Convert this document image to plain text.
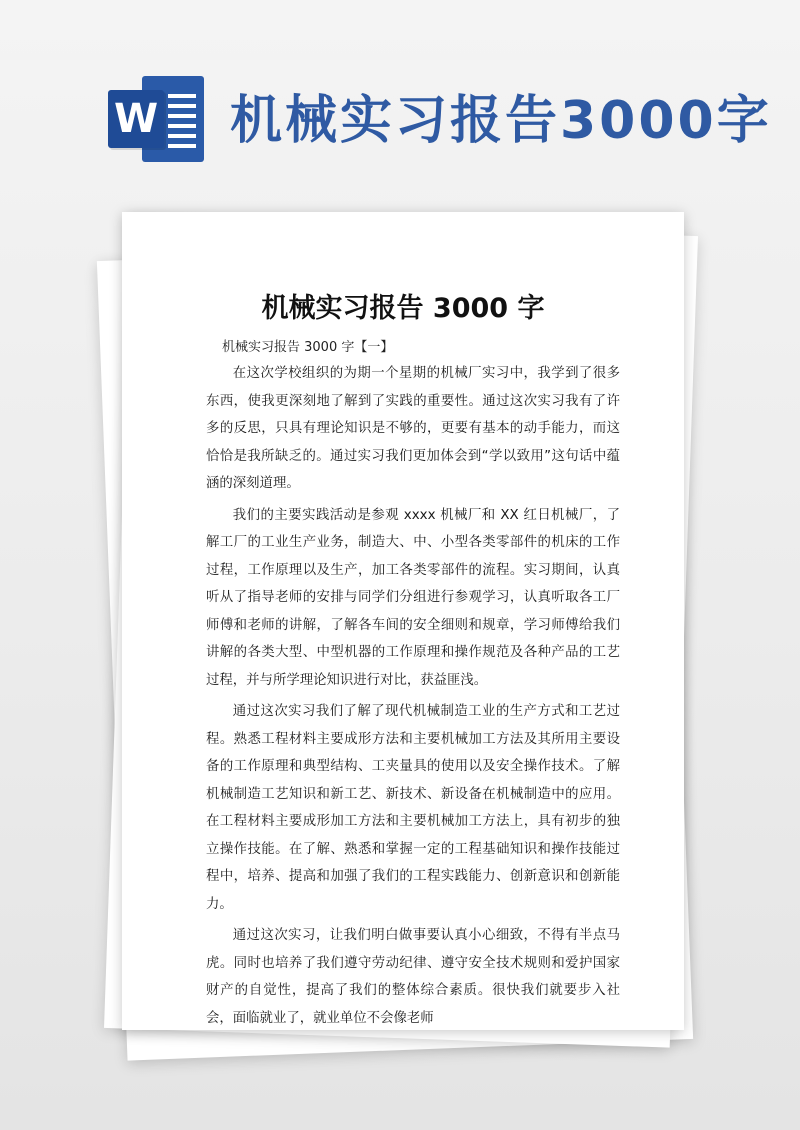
W 机械实习报告3000字
机械实习报告 3000 字
机械实习报告 3000 字【一】

在这次学校组织的为期一个星期的机械厂实习中，我学到了很多东西，使我更深刻地了解到了实践的重要性。通过这次实习我有了许多的反思，只具有理论知识是不够的，更要有基本的动手能力，而这恰恰是我所缺乏的。通过实习我们更加体会到“学以致用”这句话中蕴涵的深刻道理。

我们的主要实践活动是参观 xxxx 机械厂和 XX 红日机械厂，了解工厂的工业生产业务，制造大、中、小型各类零部件的机床的工作过程，工作原理以及生产，加工各类零部件的流程。实习期间，认真听从了指导老师的安排与同学们分组进行参观学习，认真听取各工厂师傅和老师的讲解，了解各车间的安全细则和规章，学习师傅给我们讲解的各类大型、中型机器的工作原理和操作规范及各种产品的工艺过程，并与所学理论知识进行对比，获益匪浅。

通过这次实习我们了解了现代机械制造工业的生产方式和工艺过程。熟悉工程材料主要成形方法和主要机械加工方法及其所用主要设备的工作原理和典型结构、工夹量具的使用以及安全操作技术。了解机械制造工艺知识和新工艺、新技术、新设备在机械制造中的应用。在工程材料主要成形加工方法和主要机械加工方法上，具有初步的独立操作技能。在了解、熟悉和掌握一定的工程基础知识和操作技能过程中，培养、提高和加强了我们的工程实践能力、创新意识和创新能力。

通过这次实习，让我们明白做事要认真小心细致，不得有半点马虎。同时也培养了我们遵守劳动纪律、遵守安全技术规则和爱护国家财产的自觉性，提高了我们的整体综合素质。很快我们就要步入社会，面临就业了，就业单位不会像老师
